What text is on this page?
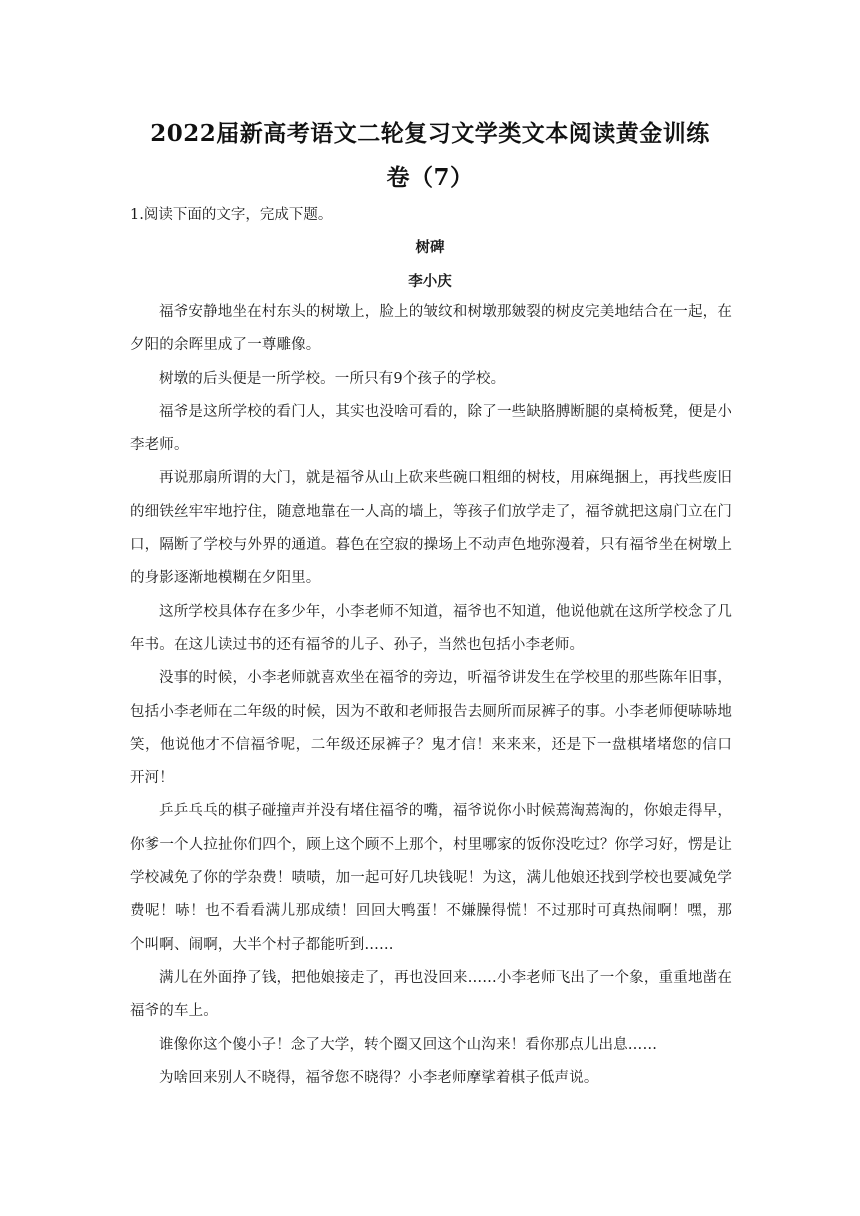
2022届新高考语文二轮复习文学类文本阅读黄金训练
卷（7）
1.阅读下面的文字，完成下题。
树碑
李小庆

福爷安静地坐在村东头的树墩上，脸上的皱纹和树墩那皴裂的树皮完美地结合在一起，在 夕阳的余晖里成了一尊雕像。

树墩的后头便是一所学校。一所只有9个孩子的学校。

福爷是这所学校的看门人，其实也没啥可看的，除了一些缺胳膊断腿的桌椅板凳，便是小 李老师。

再说那扇所谓的大门，就是福爷从山上砍来些碗口粗细的树枝，用麻绳捆上，再找些废旧 的细铁丝牢牢地拧住，随意地靠在一人高的墙上，等孩子们放学走了，福爷就把这扇门立在门 口，隔断了学校与外界的通道。暮色在空寂的操场上不动声色地弥漫着，只有福爷坐在树墩上 的身影逐渐地模糊在夕阳里。

这所学校具体存在多少年，小李老师不知道，福爷也不知道，他说他就在这所学校念了几 年书。在这儿读过书的还有福爷的儿子、孙子，当然也包括小李老师。

没事的时候，小李老师就喜欢坐在福爷的旁边，听福爷讲发生在学校里的那些陈年旧事，包括小李老师在二年级的时候，因为不敢和老师报告去厕所而尿裤子的事。小李老师便哧哧地笑，他说他才不信福爷呢，二年级还尿裤子？鬼才信！来来来，还是下一盘棋堵堵您的信口 开河！

乒乒乓乓的棋子碰撞声并没有堵住福爷的嘴，福爷说你小时候蔫淘蔫淘的，你娘走得早，你爹一个人拉扯你们四个，顾上这个顾不上那个，村里哪家的饭你没吃过？你学习好，愣是让 学校减免了你的学杂费！啧啧，加一起可好几块钱呢！为这，满儿他娘还找到学校也要减免学 费呢！哧！也不看看满儿那成绩！回回大鸭蛋！不嫌臊得慌！不过那时可真热闹啊！嘿，那 个叫啊、闹啊，大半个村子都能听到……

满儿在外面挣了钱，把他娘接走了，再也没回来……小李老师飞出了一个象，重重地凿在 福爷的车上。

谁像你这个傻小子！念了大学，转个圈又回这个山沟来！看你那点儿出息……

为啥回来别人不晓得，福爷您不晓得？小李老师摩挲着棋子低声说。
